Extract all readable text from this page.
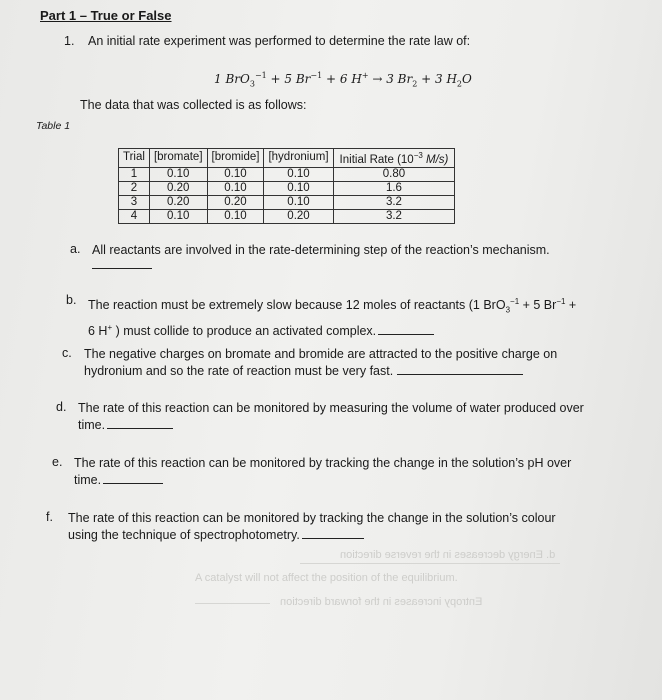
d. Energy decreases in the reverse direction
A catalyst will not affect the position of the equilibrium.
Entropy increases in the forward direction
Part 1 – True or False
1. An initial rate experiment was performed to determine the rate law of:
1 BrO$_3^{-1}$ + 5 $Br^{-1} + 6$ H+ → 3 $Br_2 + 3$ $H_2O$
The data that was collected is as follows:
Table 1
Trial	[bromate]	[bromide]	[hydronium]	Initial Rate ($10^{-3}$ M/s)
1	0.10	0.10	0.10	0.80
2	0.20	0.10	0.10	1.6
3	0.20	0.20	0.10	3.2
4	0.10	0.10	0.20	3.2
a. All reactants are involved in the rate-determining step of the reaction’s mechanism.
b. The reaction must be extremely slow because 12 moles of reactants (1 BrO$_3^{-1}$ + 5 $Br^{-1}$ +
6 H+ ) must collide to produce an activated complex.
c. The negative charges on bromate and bromide are attracted to the positive charge on
hydronium and so the rate of reaction must be very fast.
d. The rate of this reaction can be monitored by measuring the volume of water produced over
time.
e. The rate of this reaction can be monitored by tracking the change in the solution’s pH over
time.
f. The rate of this reaction can be monitored by tracking the change in the solution’s colour
using the technique of spectrophotometry.
